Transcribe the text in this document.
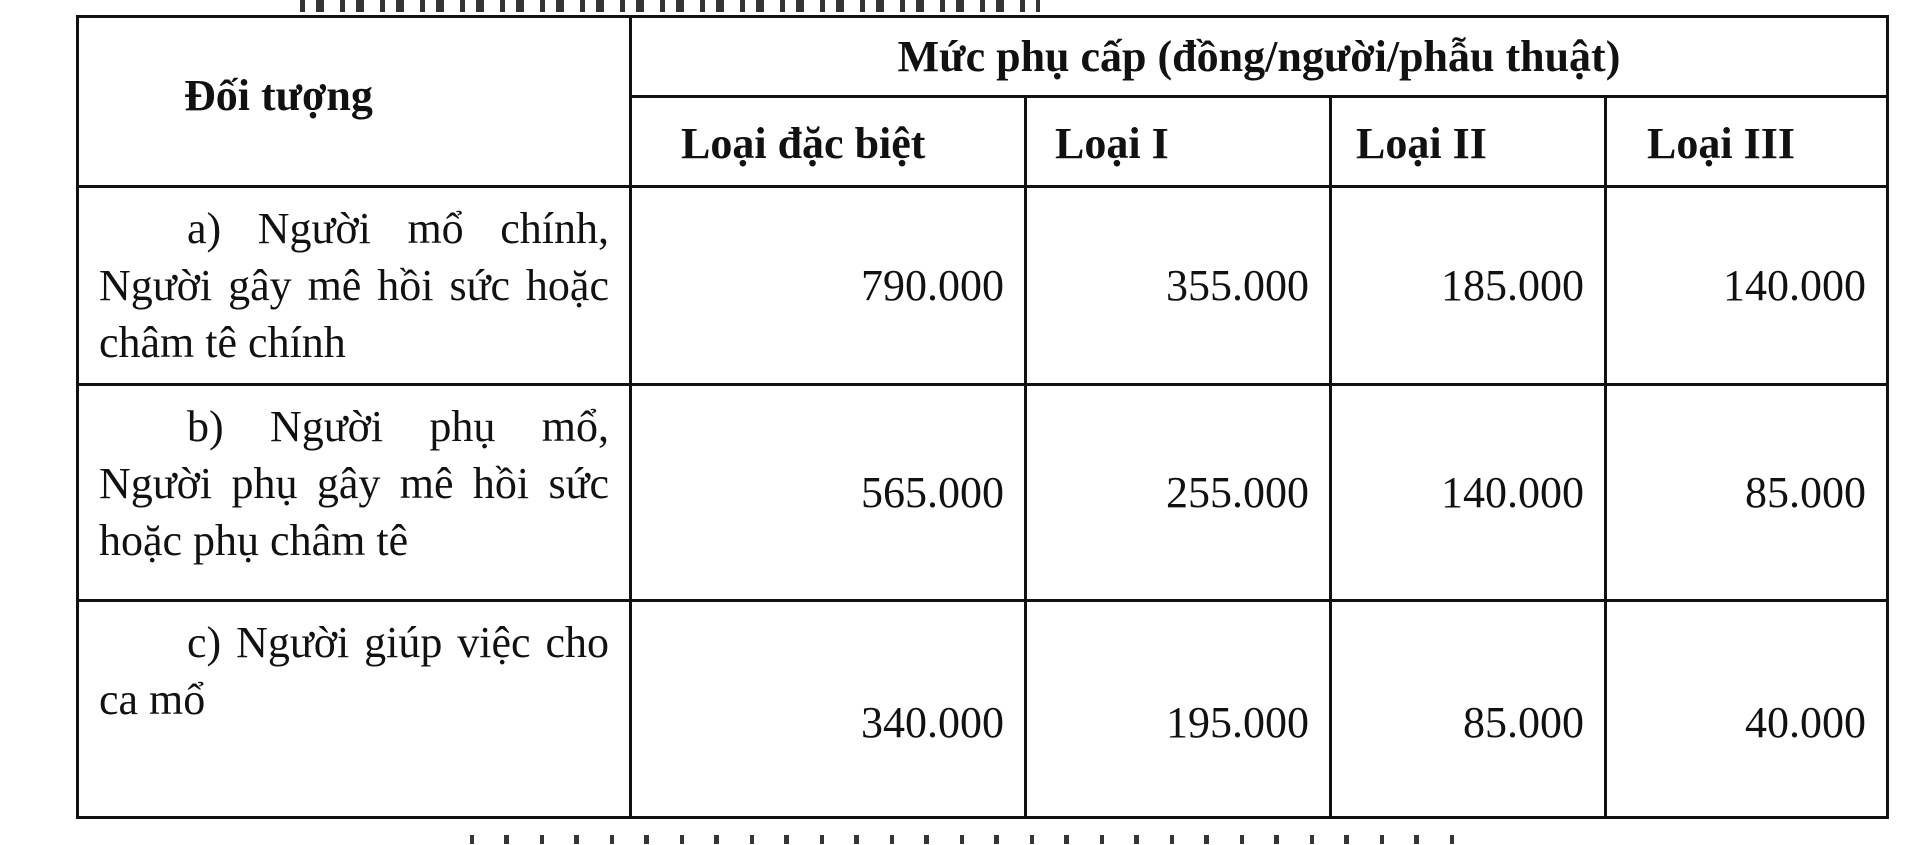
Đối tượng	Mức phụ cấp (đồng/người/phẫu thuật)			
	Loại đặc biệt	Loại I	Loại II	Loại III
a) Người mổ chính, Người gây mê hồi sức hoặc châm tê chính	790.000	355.000	185.000	140.000
b) Người phụ mổ, Người phụ gây mê hồi sức hoặc phụ châm tê	565.000	255.000	140.000	85.000
c) Người giúp việc cho ca mổ	340.000	195.000	85.000	40.000
